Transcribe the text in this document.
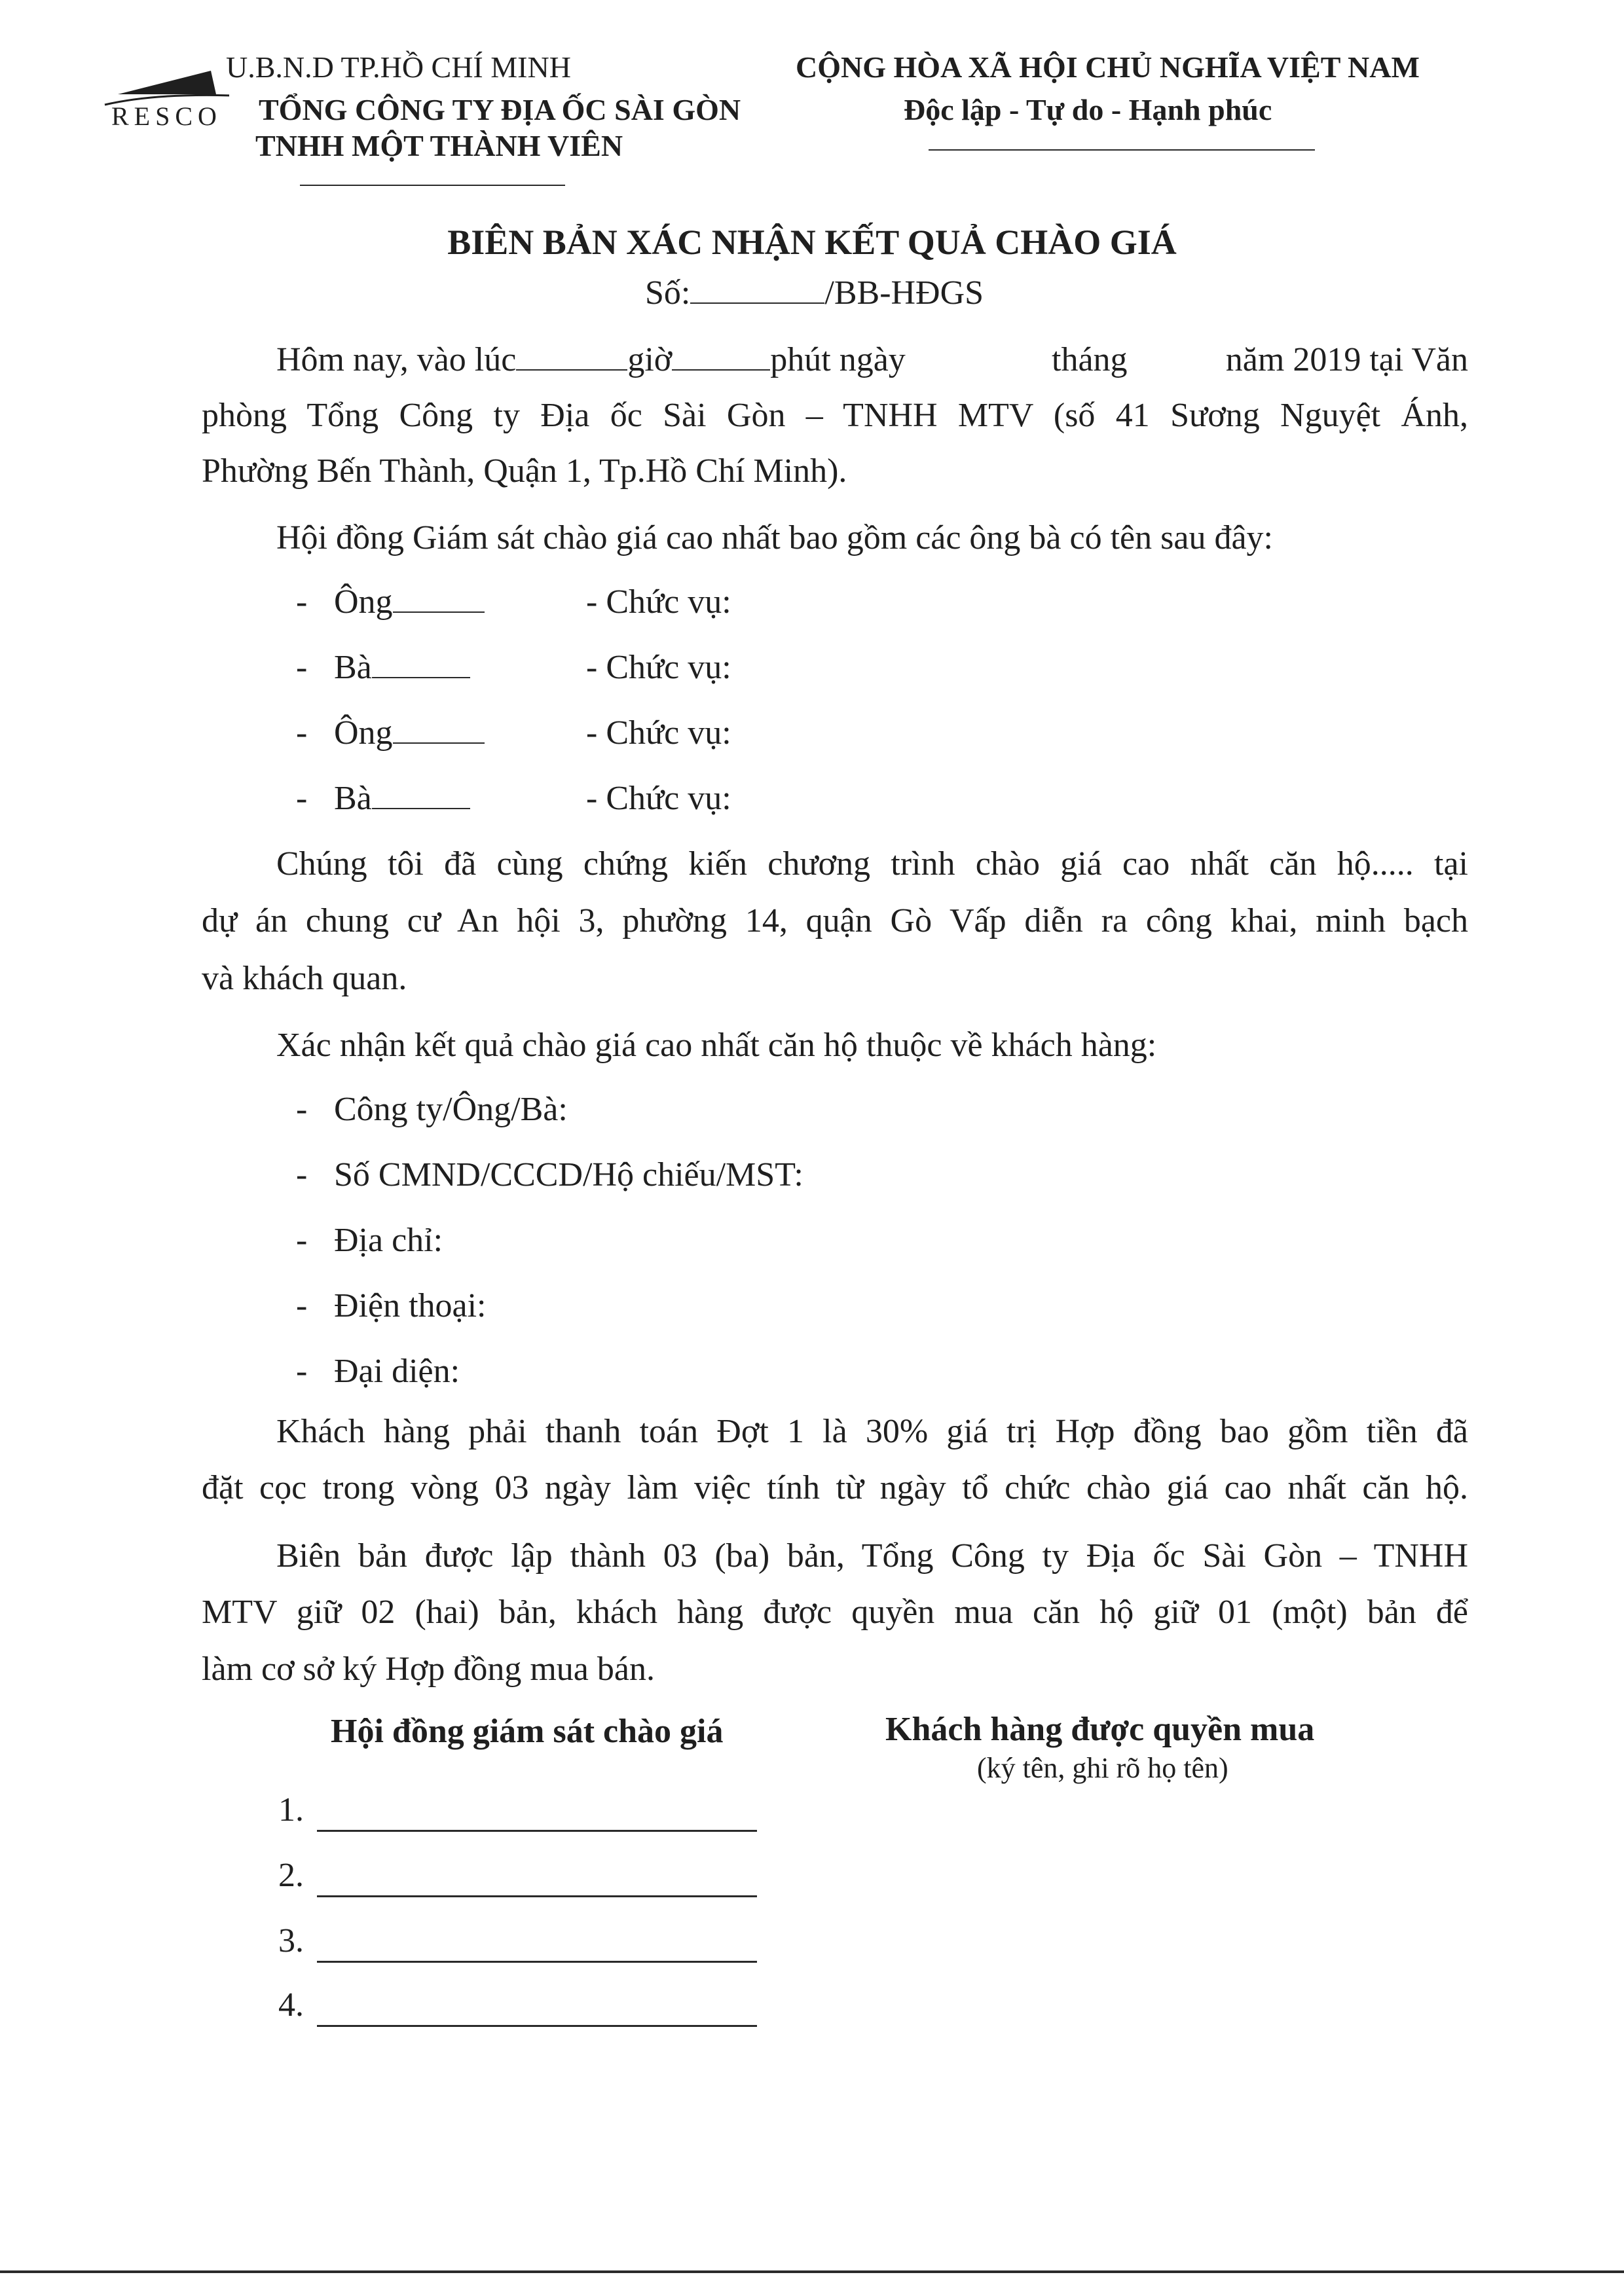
RESCO
U.B.N.D TP.HỒ CHÍ MINH
TỔNG CÔNG TY ĐỊA ỐC SÀI GÒN
TNHH MỘT THÀNH VIÊN
CỘNG HÒA XÃ HỘI CHỦ NGHĨA VIỆT NAM
Độc lập - Tự do - Hạnh phúc
BIÊN BẢN XÁC NHẬN KẾT QUẢ CHÀO GIÁ
Số:	/BB-HĐGS
Hôm nay, vào lúc	giờ	phút ngày	tháng	năm 2019 tại Văn
phòng Tổng Công ty Địa ốc Sài Gòn – TNHH MTV (số 41 Sương Nguyệt Ánh,
Phường Bến Thành, Quận 1, Tp.Hồ Chí Minh).
Hội đồng Giám sát chào giá cao nhất bao gồm các ông bà có tên sau đây:
- Ông	- Chức vụ:
- Bà	- Chức vụ:
- Ông	- Chức vụ:
- Bà	- Chức vụ:
Chúng tôi đã cùng chứng kiến chương trình chào giá cao nhất căn hộ..... tại
dự án chung cư An hội 3, phường 14, quận Gò Vấp diễn ra công khai, minh bạch
và khách quan.
Xác nhận kết quả chào giá cao nhất căn hộ thuộc về khách hàng:
- Công ty/Ông/Bà:
- Số CMND/CCCD/Hộ chiếu/MST:
- Địa chỉ:
- Điện thoại:
- Đại diện:
Khách hàng phải thanh toán Đợt 1 là 30% giá trị Hợp đồng bao gồm tiền đã
đặt cọc trong vòng 03 ngày làm việc tính từ ngày tổ chức chào giá cao nhất căn hộ.
Biên bản được lập thành 03 (ba) bản, Tổng Công ty Địa ốc Sài Gòn – TNHH
MTV giữ 02 (hai) bản, khách hàng được quyền mua căn hộ giữ 01 (một) bản để
làm cơ sở ký Hợp đồng mua bán.
Hội đồng giám sát chào giá	Khách hàng được quyền mua
(ký tên, ghi rõ họ tên)
1.
2.
3.
4.
